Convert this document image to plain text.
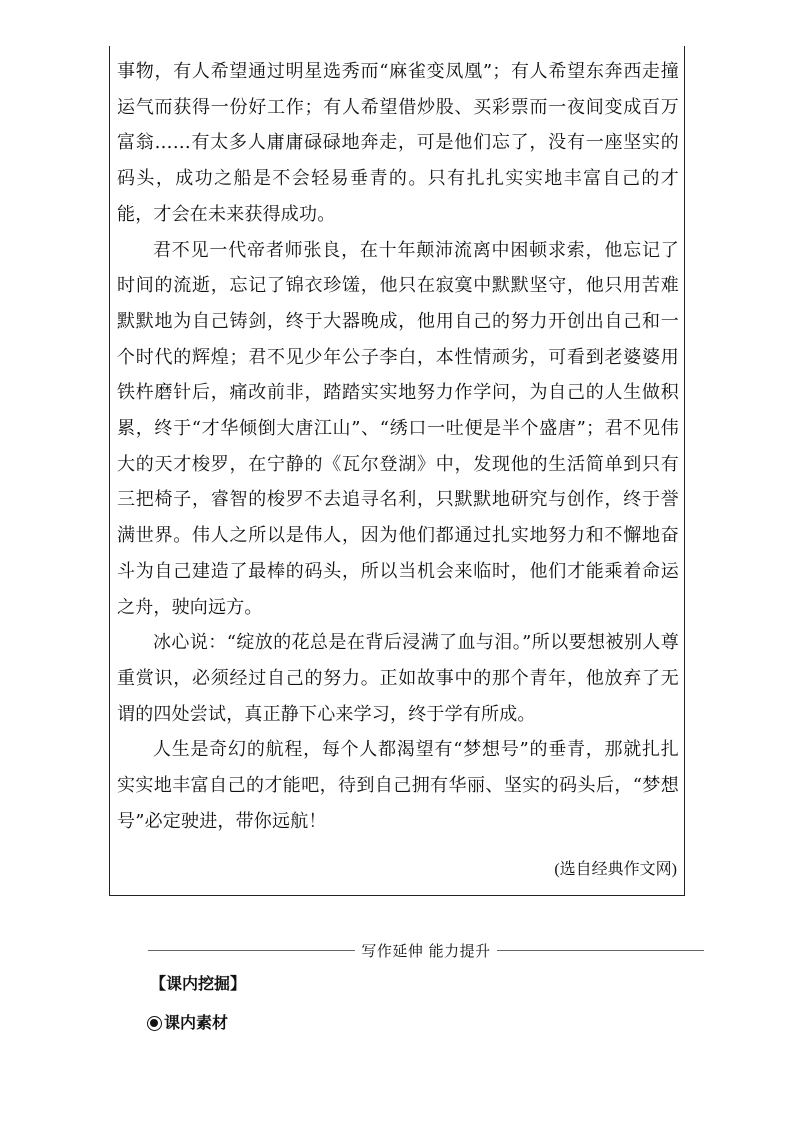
事物，有人希望通过明星选秀而“麻雀变凤凰”；有人希望东奔西走撞运气而获得一份好工作；有人希望借炒股、买彩票而一夜间变成百万富翁……有太多人庸庸碌碌地奔走，可是他们忘了，没有一座坚实的码头，成功之船是不会轻易垂青的。只有扎扎实实地丰富自己的才能，才会在未来获得成功。

君不见一代帝者师张良，在十年颠沛流离中困顿求索，他忘记了时间的流逝，忘记了锦衣珍馐，他只在寂寞中默默坚守，他只用苦难默默地为自己铸剑，终于大器晚成，他用自己的努力开创出自己和一个时代的辉煌；君不见少年公子李白，本性情顽劣，可看到老婆婆用铁杵磨针后，痛改前非，踏踏实实地努力作学问，为自己的人生做积累，终于“才华倾倒大唐江山”、“绣口一吐便是半个盛唐”；君不见伟大的天才梭罗，在宁静的《瓦尔登湖》中，发现他的生活简单到只有三把椅子，睿智的梭罗不去追寻名利，只默默地研究与创作，终于誉满世界。伟人之所以是伟人，因为他们都通过扎实地努力和不懈地奋斗为自己建造了最棒的码头，所以当机会来临时，他们才能乘着命运之舟，驶向远方。

冰心说：“绽放的花总是在背后浸满了血与泪。”所以要想被别人尊重赏识，必须经过自己的努力。正如故事中的那个青年，他放弃了无谓的四处尝试，真正静下心来学习，终于学有所成。

人生是奇幻的航程，每个人都渴望有“梦想号”的垂青，那就扎扎实实地丰富自己的才能吧，待到自己拥有华丽、坚实的码头后，“梦想号”必定驶进，带你远航！

(选自经典作文网)
写作延伸 能力提升
【课内挖掘】
课内素材
